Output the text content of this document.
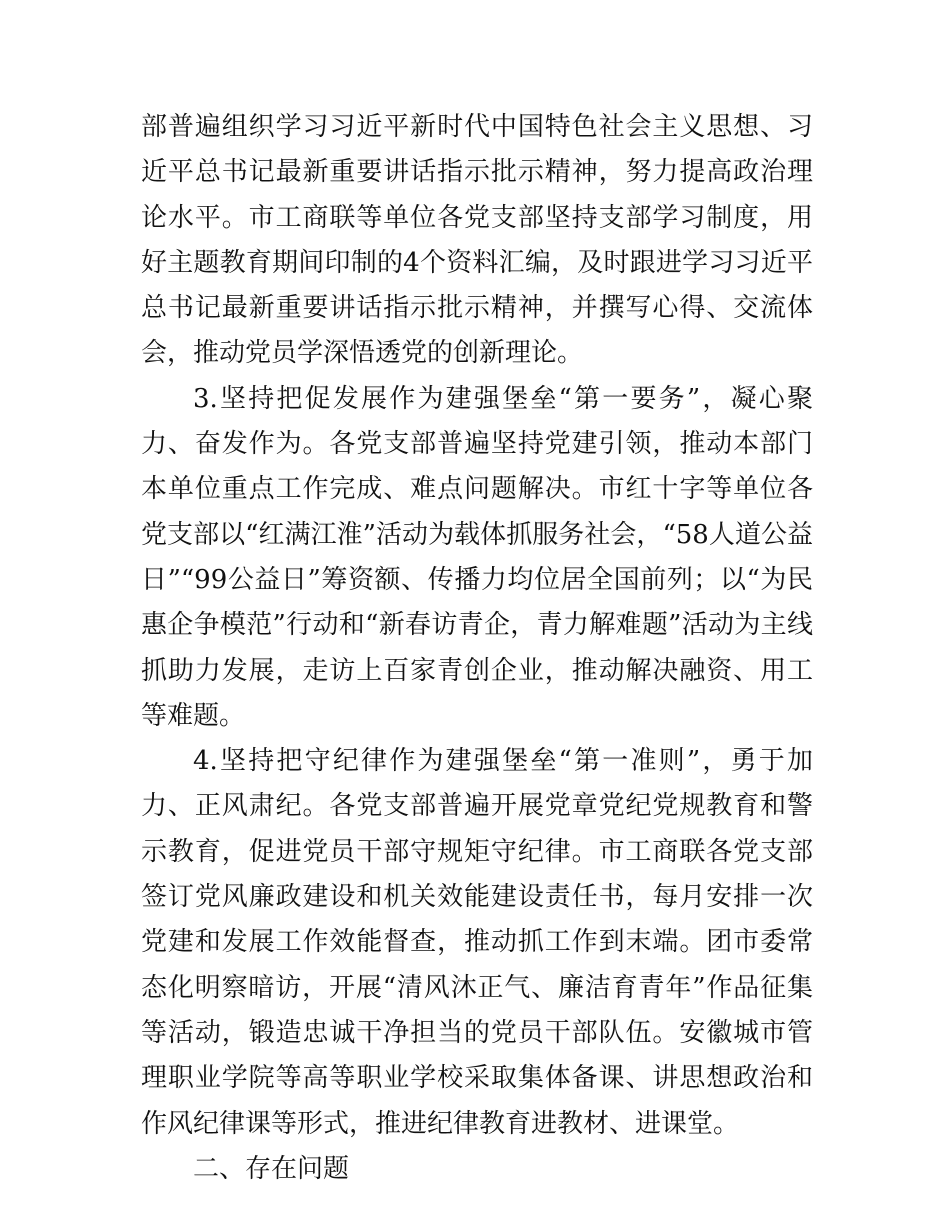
部普遍组织学习习近平新时代中国特色社会主义思想、习近平总书记最新重要讲话指示批示精神，努力提高政治理论水平。市工商联等单位各党支部坚持支部学习制度，用好主题教育期间印制的4个资料汇编，及时跟进学习习近平总书记最新重要讲话指示批示精神，并撰写心得、交流体会，推动党员学深悟透党的创新理论。

3.坚持把促发展作为建强堡垒“第一要务”，凝心聚力、奋发作为。各党支部普遍坚持党建引领，推动本部门本单位重点工作完成、难点问题解决。市红十字等单位各党支部以“红满江淮”活动为载体抓服务社会，“58人道公益日”“99公益日”筹资额、传播力均位居全国前列；以“为民惠企争模范”行动和“新春访青企，青力解难题”活动为主线抓助力发展，走访上百家青创企业，推动解决融资、用工等难题。

4.坚持把守纪律作为建强堡垒“第一准则”，勇于加力、正风肃纪。各党支部普遍开展党章党纪党规教育和警示教育，促进党员干部守规矩守纪律。市工商联各党支部签订党风廉政建设和机关效能建设责任书，每月安排一次党建和发展工作效能督查，推动抓工作到末端。团市委常态化明察暗访，开展“清风沐正气、廉洁育青年”作品征集等活动，锻造忠诚干净担当的党员干部队伍。安徽城市管理职业学院等高等职业学校采取集体备课、讲思想政治和作风纪律课等形式，推进纪律教育进教材、进课堂。

二、存在问题
